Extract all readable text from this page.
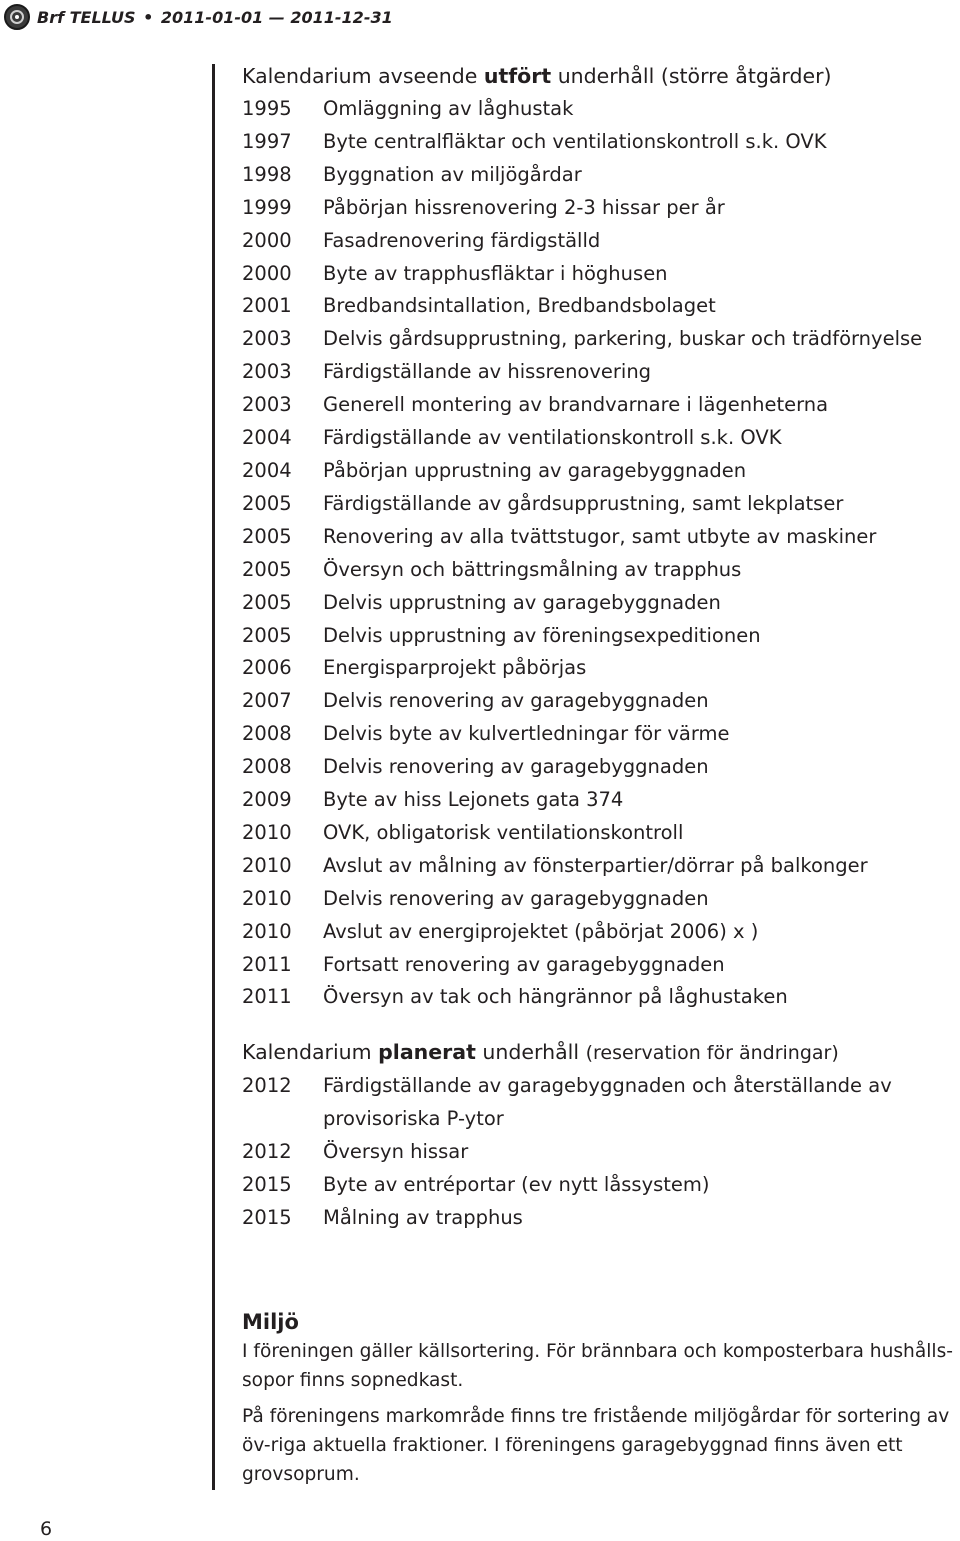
Brf TELLUS • 2011-01-01 — 2011-12-31
Kalendarium avseende utfört underhåll (större åtgärder)
1995	Omläggning av låghustak
1997	Byte centralfläktar och ventilationskontroll s.k. OVK
1998	Byggnation av miljögårdar
1999	Påbörjan hissrenovering 2-3 hissar per år
2000	Fasadrenovering färdigställd
2000	Byte av trapphusfläktar i höghusen
2001	Bredbandsintallation, Bredbandsbolaget
2003	Delvis gårdsupprustning, parkering, buskar och trädförnyelse
2003	Färdigställande av hissrenovering
2003	Generell montering av brandvarnare i lägenheterna
2004	Färdigställande av ventilationskontroll s.k. OVK
2004	Påbörjan upprustning av garagebyggnaden
2005	Färdigställande av gårdsupprustning, samt lekplatser
2005	Renovering av alla tvättstugor, samt utbyte av maskiner
2005	Översyn och bättringsmålning av trapphus
2005	Delvis upprustning av garagebyggnaden
2005	Delvis upprustning av föreningsexpeditionen
2006	Energisparprojekt påbörjas
2007	Delvis renovering av garagebyggnaden
2008	Delvis byte av kulvertledningar för värme
2008	Delvis renovering av garagebyggnaden
2009	Byte av hiss Lejonets gata 374
2010	OVK, obligatorisk ventilationskontroll
2010	Avslut av målning av fönsterpartier/dörrar på balkonger
2010	Delvis renovering av garagebyggnaden
2010	Avslut av energiprojektet (påbörjat 2006) x )
2011	Fortsatt renovering av garagebyggnaden
2011	Översyn av tak och hängrännor på låghustaken
Kalendarium planerat underhåll (reservation för ändringar)
2012	Färdigställande av garagebyggnaden och återställande av provisoriska P-ytor
2012	Översyn hissar
2015	Byte av entréportar (ev nytt låssystem)
2015	Målning av trapphus
Miljö

I föreningen gäller källsortering. För brännbara och komposterbara hushålls-sopor finns sopnedkast.

På föreningens markområde finns tre fristående miljögårdar för sortering av öv-riga aktuella fraktioner. I föreningens garagebyggnad finns även ett grovsoprum.

6
